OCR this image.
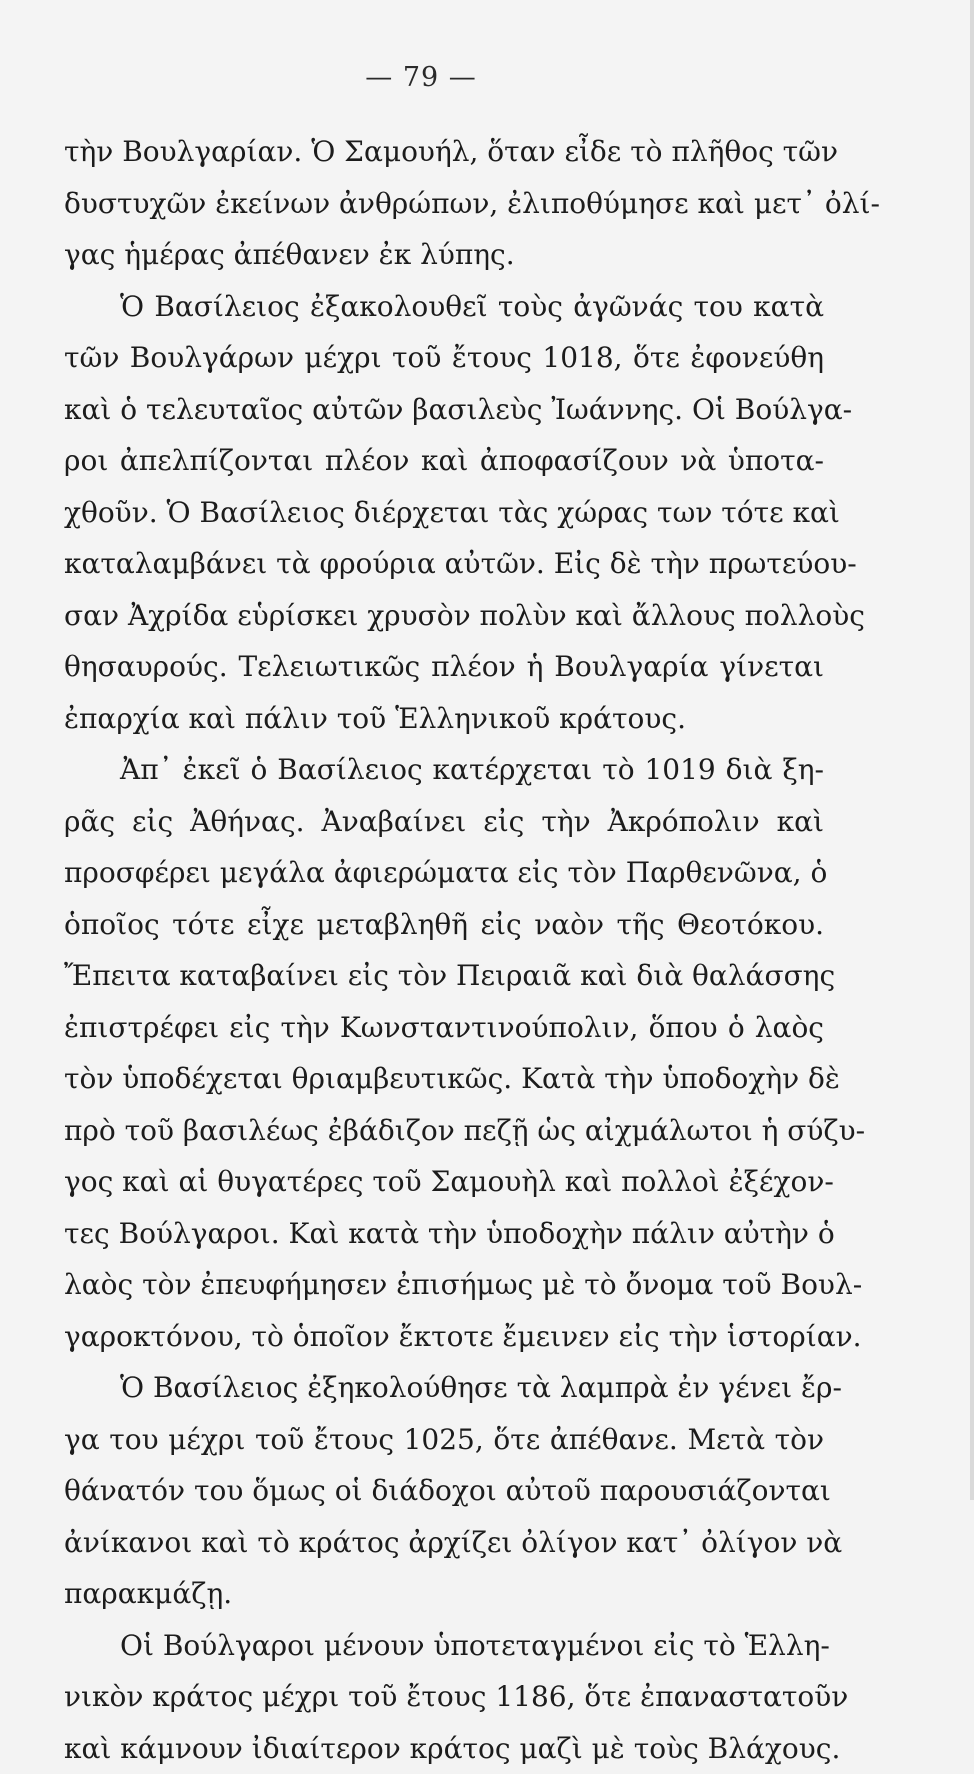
— 79 —
τὴν Βουλγαρίαν. Ὁ Σαμουήλ, ὅταν εἶδε τὸ πλῆθος τῶν
δυστυχῶν ἐκείνων ἀνθρώπων, ἐλιποθύμησε καὶ μετ᾽ ὀλί-
γας ἡμέρας ἀπέθανεν ἐκ λύπης.
Ὁ Βασίλειος ἐξακολουθεῖ τοὺς ἀγῶνάς του κατὰ
τῶν Βουλγάρων μέχρι τοῦ ἔτους 1018, ὅτε ἐφονεύθη
καὶ ὁ τελευταῖος αὐτῶν βασιλεὺς Ἰωάννης. Οἱ Βούλγα-
ροι ἀπελπίζονται πλέον καὶ ἀποφασίζουν νὰ ὑποτα-
χθοῦν. Ὁ Βασίλειος διέρχεται τὰς χώρας των τότε καὶ
καταλαμβάνει τὰ φρούρια αὐτῶν. Εἰς δὲ τὴν πρωτεύου-
σαν Ἀχρίδα εὑρίσκει χρυσὸν πολὺν καὶ ἄλλους πολλοὺς
θησαυρούς. Τελειωτικῶς πλέον ἡ Βουλγαρία γίνεται
ἐπαρχία καὶ πάλιν τοῦ Ἑλληνικοῦ κράτους.
Ἀπ᾽ ἐκεῖ ὁ Βασίλειος κατέρχεται τὸ 1019 διὰ ξη-
ρᾶς εἰς Ἀθήνας. Ἀναβαίνει εἰς τὴν Ἀκρόπολιν καὶ
προσφέρει μεγάλα ἀφιερώματα εἰς τὸν Παρθενῶνα, ὁ
ὁποῖος τότε εἶχε μεταβληθῆ εἰς ναὸν τῆς Θεοτόκου.
Ἔπειτα καταβαίνει εἰς τὸν Πειραιᾶ καὶ διὰ θαλάσσης
ἐπιστρέφει εἰς τὴν Κωνσταντινούπολιν, ὅπου ὁ λαὸς
τὸν ὑποδέχεται θριαμβευτικῶς. Κατὰ τὴν ὑποδοχὴν δὲ
πρὸ τοῦ βασιλέως ἐβάδιζον πεζῇ ὡς αἰχμάλωτοι ἡ σύζυ-
γος καὶ αἱ θυγατέρες τοῦ Σαμουὴλ καὶ πολλοὶ ἐξέχον-
τες Βούλγαροι. Καὶ κατὰ τὴν ὑποδοχὴν πάλιν αὐτὴν ὁ
λαὸς τὸν ἐπευφήμησεν ἐπισήμως μὲ τὸ ὄνομα τοῦ Βουλ-
γαροκτόνου, τὸ ὁποῖον ἔκτοτε ἔμεινεν εἰς τὴν ἱστορίαν.
Ὁ Βασίλειος ἐξηκολούθησε τὰ λαμπρὰ ἐν γένει ἔρ-
γα του μέχρι τοῦ ἔτους 1025, ὅτε ἀπέθανε. Μετὰ τὸν
θάνατόν του ὅμως οἱ διάδοχοι αὐτοῦ παρουσιάζονται
ἀνίκανοι καὶ τὸ κράτος ἀρχίζει ὀλίγον κατ᾽ ὀλίγον νὰ
παρακμάζῃ.
Οἱ Βούλγαροι μένουν ὑποτεταγμένοι εἰς τὸ Ἑλλη-
νικὸν κράτος μέχρι τοῦ ἔτους 1186, ὅτε ἐπαναστατοῦν
καὶ κάμνουν ἰδιαίτερον κράτος μαζὶ μὲ τοὺς Βλάχους.
